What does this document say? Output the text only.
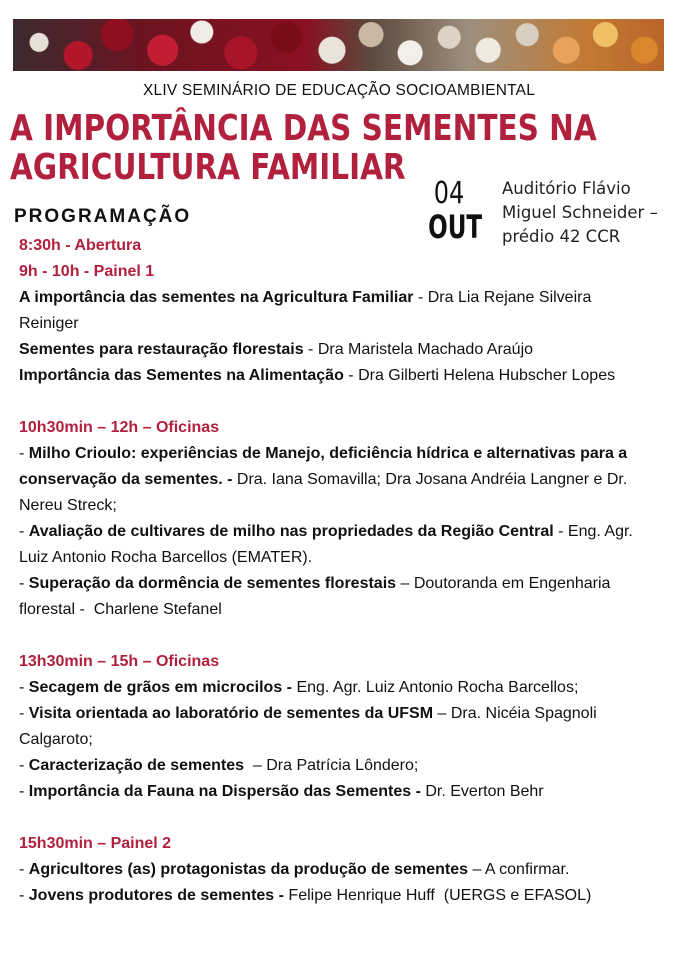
XLIV SEMINÁRIO DE EDUCAÇÃO SOCIOAMBIENTAL
A IMPORTÂNCIA DAS SEMENTES NA
AGRICULTURA FAMILIAR
04
OUT
Auditório Flávio
Miguel Schneider –
prédio 42 CCR
PROGRAMAÇÃO

8:30h - Abertura

9h - 10h - Painel 1

A importância das sementes na Agricultura Familiar - Dra Lia Rejane Silveira

Reiniger

Sementes para restauração florestais - Dra Maristela Machado Araújo

Importância das Sementes na Alimentação - Dra Gilberti Helena Hubscher Lopes

10h30min – 12h – Oficinas

- Milho Crioulo: experiências de Manejo, deficiência hídrica e alternativas para a

conservação da sementes. - Dra. Iana Somavilla; Dra Josana Andréia Langner e Dr.

Nereu Streck;

- Avaliação de cultivares de milho nas propriedades da Região Central - Eng. Agr.

Luiz Antonio Rocha Barcellos (EMATER).

- Superação da dormência de sementes florestais – Doutoranda em Engenharia

florestal -  Charlene Stefanel

13h30min – 15h – Oficinas

- Secagem de grãos em microcilos - Eng. Agr. Luiz Antonio Rocha Barcellos;

- Visita orientada ao laboratório de sementes da UFSM – Dra. Nicéia Spagnoli

Calgaroto;

- Caracterização de sementes  – Dra Patrícia Lôndero;

- Importância da Fauna na Dispersão das Sementes - Dr. Everton Behr

15h30min – Painel 2

- Agricultores (as) protagonistas da produção de sementes – A confirmar.

- Jovens produtores de sementes - Felipe Henrique Huff  (UERGS e EFASOL)
